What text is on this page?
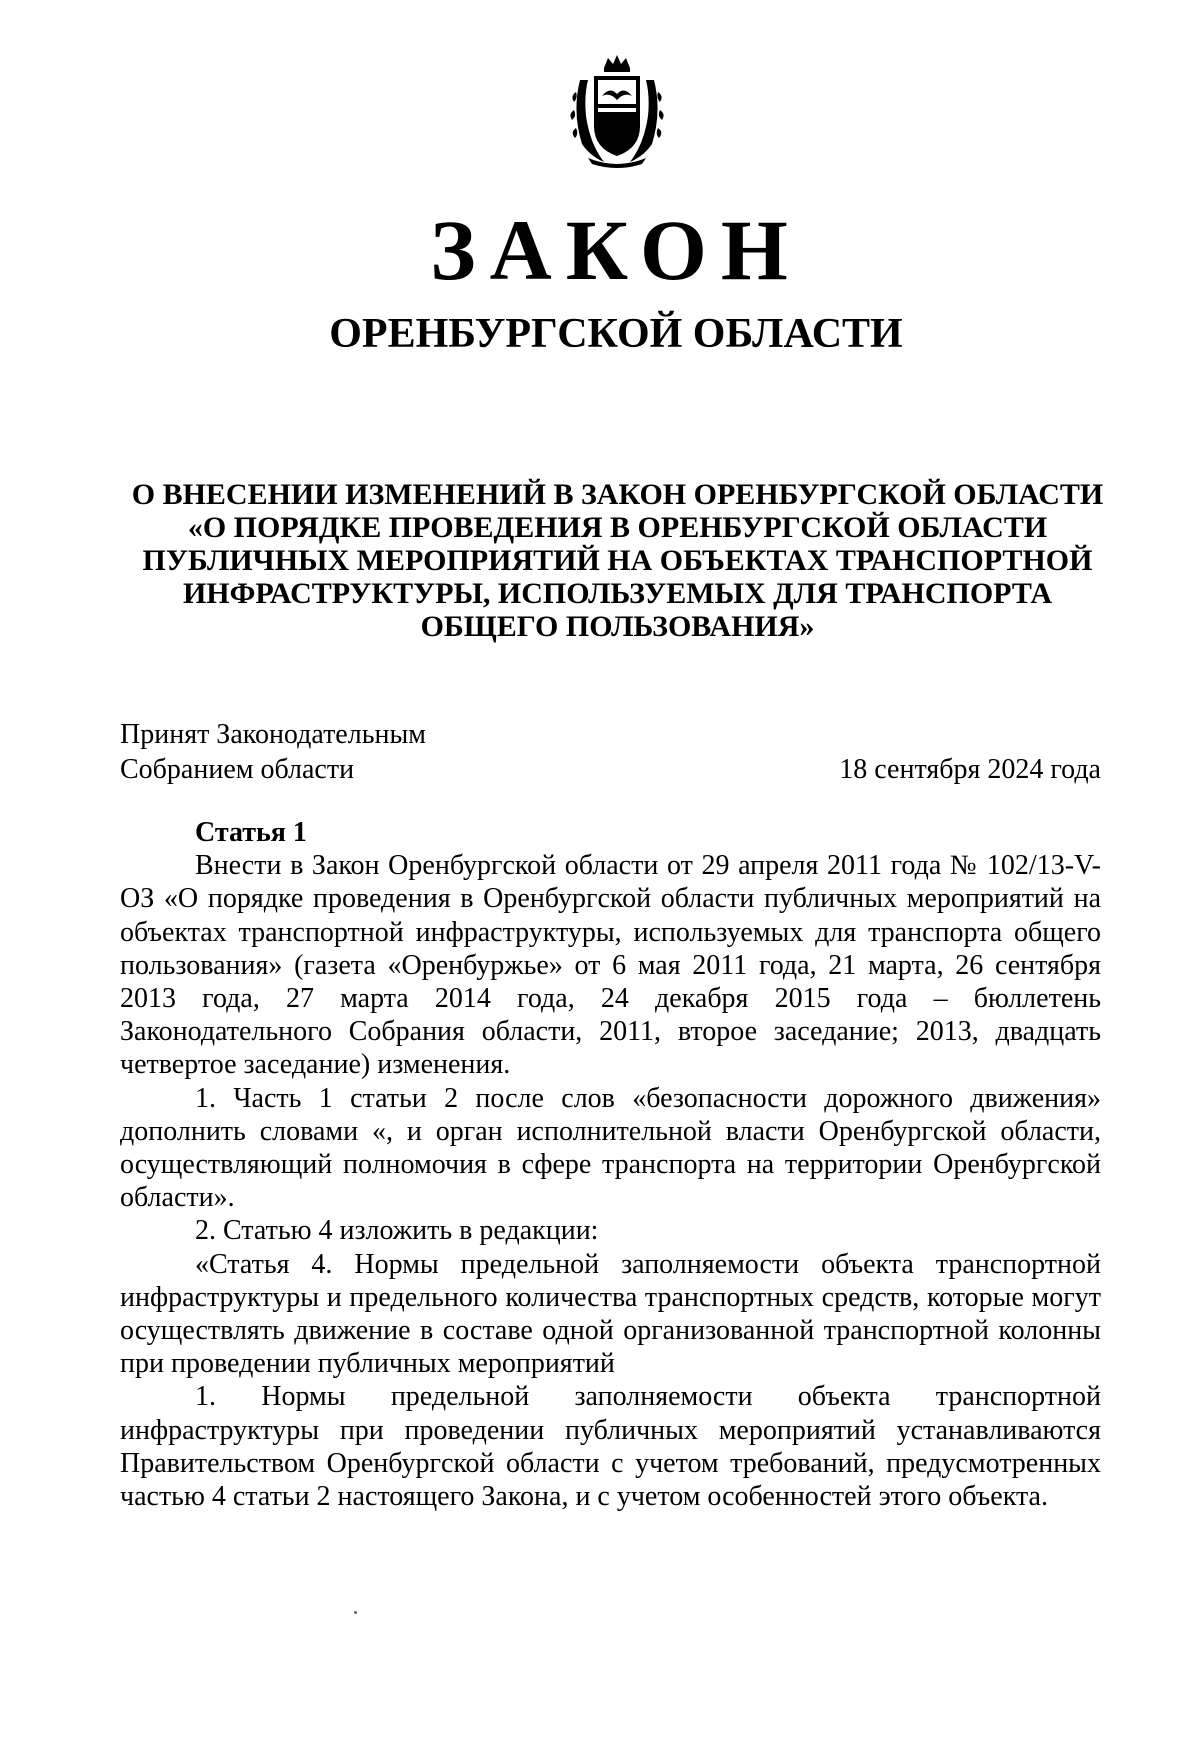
ЗАКОН
ОРЕНБУРГСКОЙ ОБЛАСТИ
О ВНЕСЕНИИ ИЗМЕНЕНИЙ В ЗАКОН ОРЕНБУРГСКОЙ ОБЛАСТИ
«О ПОРЯДКЕ ПРОВЕДЕНИЯ В ОРЕНБУРГСКОЙ ОБЛАСТИ
ПУБЛИЧНЫХ МЕРОПРИЯТИЙ НА ОБЪЕКТАХ ТРАНСПОРТНОЙ
ИНФРАСТРУКТУРЫ, ИСПОЛЬЗУЕМЫХ ДЛЯ ТРАНСПОРТА
ОБЩЕГО ПОЛЬЗОВАНИЯ»
Принят Законодательным
Собранием области	18 сентября 2024 года
Статья 1

Внести в Закон Оренбургской области от 29 апреля 2011 года № 102/13-V-ОЗ «О порядке проведения в Оренбургской области публичных мероприятий на объектах транспортной инфраструктуры, используемых для транспорта общего пользования» (газета «Оренбуржье» от 6 мая 2011 года, 21 марта, 26 сентября 2013 года, 27 марта 2014 года, 24 декабря 2015 года – бюллетень Законодательного Собрания области, 2011, второе заседание; 2013, двадцать четвертое заседание) изменения.

1. Часть 1 статьи 2 после слов «безопасности дорожного движения» дополнить словами «, и орган исполнительной власти Оренбургской области, осуществляющий полномочия в сфере транспорта на территории Оренбургской области».

2. Статью 4 изложить в редакции:

«Статья 4. Нормы предельной заполняемости объекта транспортной инфраструктуры и предельного количества транспортных средств, которые могут осуществлять движение в составе одной организованной транспортной колонны при проведении публичных мероприятий

1. Нормы предельной заполняемости объекта транспортной инфраструктуры при проведении публичных мероприятий устанавливаются Правительством Оренбургской области с учетом требований, предусмотренных частью 4 статьи 2 настоящего Закона, и с учетом особенностей этого объекта.
